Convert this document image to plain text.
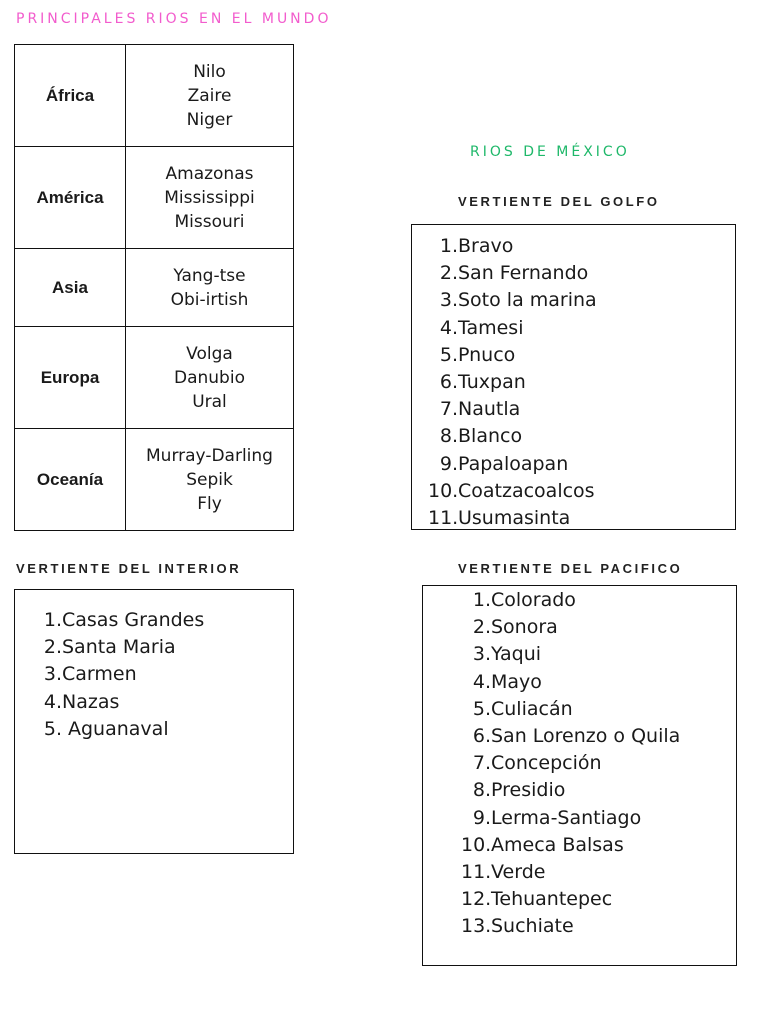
PRINCIPALES RIOS EN EL MUNDO
África	Nilo
Zaire
Niger

América	Amazonas
Mississippi
Missouri

Asia	Yang-tse
Obi-irtish

Europa	Volga
Danubio
Ural

Oceanía	Murray-Darling
Sepik
Fly
RIOS DE MÉXICO
VERTIENTE DEL GOLFO
1. Bravo
2. San Fernando
3. Soto la marina
4. Tamesi
5. Pnuco
6. Tuxpan
7. Nautla
8. Blanco
9. Papaloapan
10. Coatzacoalcos
11. Usumasinta
VERTIENTE DEL INTERIOR
1. Casas Grandes
2. Santa Maria
3. Carmen
4. Nazas
5. Aguanaval
VERTIENTE DEL PACIFICO
1. Colorado
2. Sonora
3. Yaqui
4. Mayo
5. Culiacán
6. San Lorenzo o Quila
7. Concepción
8. Presidio
9. Lerma-Santiago
10. Ameca Balsas
11. Verde
12. Tehuantepec
13. Suchiate
